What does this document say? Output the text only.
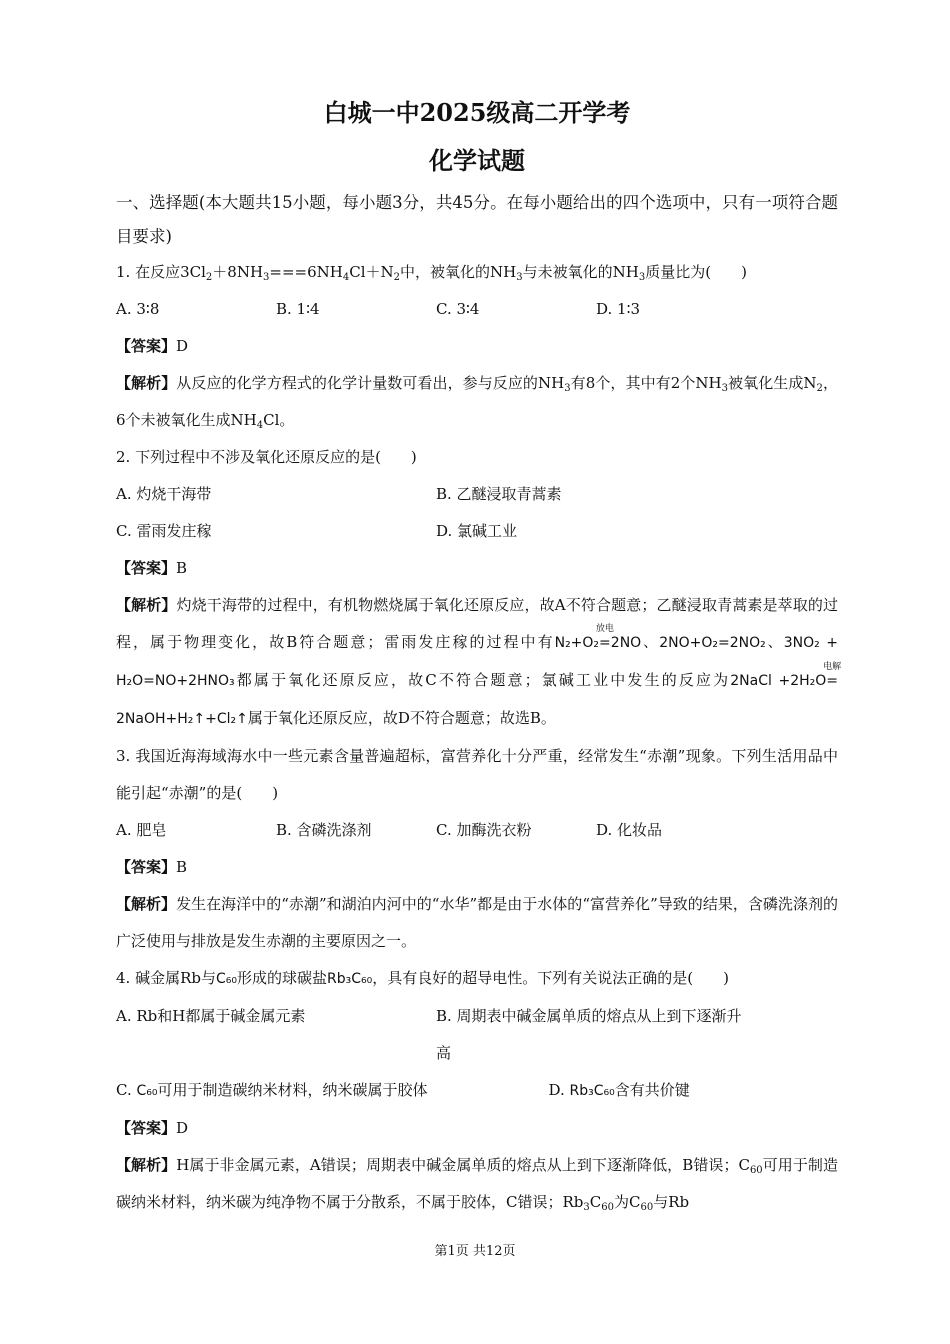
白城一中2025级高二开学考
化学试题
一、选择题(本大题共15小题，每小题3分，共45分。在每小题给出的四个选项中，只有一项符合题目要求)

1. 在反应$3Cl_2+8NH_3===6NH_4Cl+N_2$中，被氧化的$NH_3$与未被氧化的$NH_3$质量比为(　　)

A. 3∶8	B. 1∶4	C. 3∶4	D. 1∶3

【答案】D

【解析】从反应的化学方程式的化学计量数可看出，参与反应的$NH_3$有8个，其中有2个$NH_3$被氧化生成$N_2$，6个未被氧化生成$NH_4Cl$。

2. 下列过程中不涉及氧化还原反应的是(　　)

A. 灼烧干海带	B. 乙醚浸取青蒿素
C. 雷雨发庄稼	D. 氯碱工业

【答案】B

【解析】灼烧干海带的过程中，有机物燃烧属于氧化还原反应，故A不符合题意；乙醚浸取青蒿素是萃取的过程，属于物理变化，故B符合题意；雷雨发庄稼的过程中有N₂+O₂
放电
=2NO、2NO+O₂=2NO₂、3NO₂ + H₂O=NO+2HNO₃都属于氧化还原反应，故C不符合题意；氯碱工业中发生的反应为2NaCl +2H₂O
电解
=2NaOH+H₂↑+Cl₂↑属于氧化还原反应，故D不符合题意；故选B。

3. 我国近海海域海水中一些元素含量普遍超标，富营养化十分严重，经常发生“赤潮”现象。下列生活用品中能引起“赤潮”的是(　　)

A. 肥皂	B. 含磷洗涤剂	C. 加酶洗衣粉	D. 化妆品

【答案】B

【解析】发生在海洋中的“赤潮”和湖泊内河中的“水华”都是由于水体的“富营养化”导致的结果，含磷洗涤剂的广泛使用与排放是发生赤潮的主要原因之一。

4. 碱金属Rb与C₆₀形成的球碳盐Rb₃C₆₀，具有良好的超导电性。下列有关说法正确的是(　　)

A. Rb和H都属于碱金属元素	B. 周期表中碱金属单质的熔点从上到下逐渐升高
C. C₆₀可用于制造碳纳米材料，纳米碳属于胶体	D. Rb₃C₆₀含有共价键

【答案】D

【解析】H属于非金属元素，A错误；周期表中碱金属单质的熔点从上到下逐渐降低，B错误；$C_{60}$可用于制造碳纳米材料，纳米碳为纯净物不属于分散系，不属于胶体，C错误；$Rb_3C_{60}$为$C_{60}$与Rb

第1页 共12页
